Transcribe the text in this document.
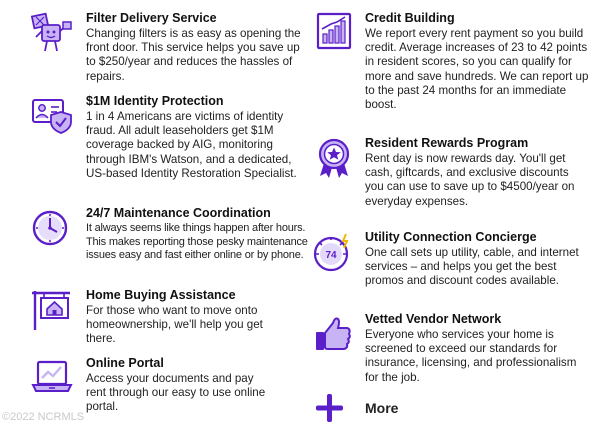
Filter Delivery Service
Changing filters is as easy as opening the front door. This service helps you save up to $250/year and reduces the hassles of repairs.
$1M Identity Protection
1 in 4 Americans are victims of identity fraud. All adult leaseholders get $1M coverage backed by AIG, monitoring through IBM's Watson, and a dedicated, US-based Identity Restoration Specialist.
24/7 Maintenance Coordination
It always seems like things happen after hours. This makes reporting those pesky maintenance issues easy and fast either online or by phone.
Home Buying Assistance
For those who want to move onto homeownership, we'll help you get there.
Online Portal
Access your documents and pay rent through our easy to use online portal.
Credit Building
We report every rent payment so you build credit. Average increases of 23 to 42 points in resident scores, so you can qualify for more and save hundreds. We can report up to the past 24 months for an immediate boost.
Resident Rewards Program
Rent day is now rewards day. You'll get cash, giftcards, and exclusive discounts you can use to save up to $4500/year on everyday expenses.
74
Utility Connection Concierge
One call sets up utility, cable, and internet services – and helps you get the best promos and discount codes available.
Vetted Vendor Network
Everyone who services your home is screened to exceed our standards for insurance, licensing, and professionalism for the job.
More
©2022 NCRMLS
